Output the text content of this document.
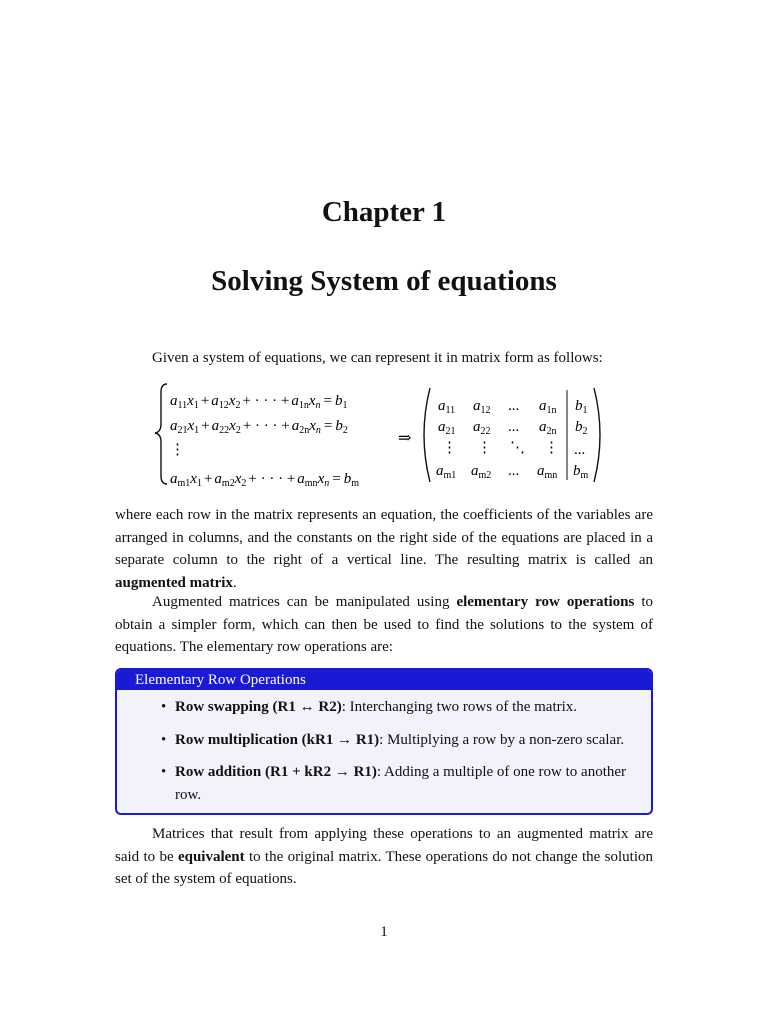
Chapter 1
Solving System of equations
Given a system of equations, we can represent it in matrix form as follows:
$a_{11}x_1 + a_{12}x_2$ + · · · + $a_{1n}x_n = b_1$
$a_{21}x_1 + a_{22}x_2$ + · · · + $a_{2n}x_n = b_2$
⋮
$a_{m1}x_1 + a_{m2}x_2$ + · · · + $a_{mn}x_n = b_m$
⇒
$a_{11}$ $a_{12}$ ... $a_{1n}$ $b_1$
$a_{21}$ $a_{22}$ ... $a_{2n}$ $b_2$
⋮ ⋮ ⋱ ⋮ ...
$a_{m1}$ $a_{m2}$ ... $a_{mn}$ $b_m$
where each row in the matrix represents an equation, the coefficients of the variables are arranged in columns, and the constants on the right side of the equations are placed in a separate column to the right of a vertical line. The resulting matrix is called an augmented matrix.
Augmented matrices can be manipulated using elementary row operations to obtain a simpler form, which can then be used to find the solutions to the system of equations. The elementary row operations are:
Elementary Row Operations
• Row swapping (R1 ↔ R2): Interchanging two rows of the matrix.
• Row multiplication (kR1 → R1): Multiplying a row by a non-zero scalar.
• Row addition (R1 + kR2 → R1): Adding a multiple of one row to another row.
Matrices that result from applying these operations to an augmented matrix are said to be equivalent to the original matrix. These operations do not change the solution set of the system of equations.
1
